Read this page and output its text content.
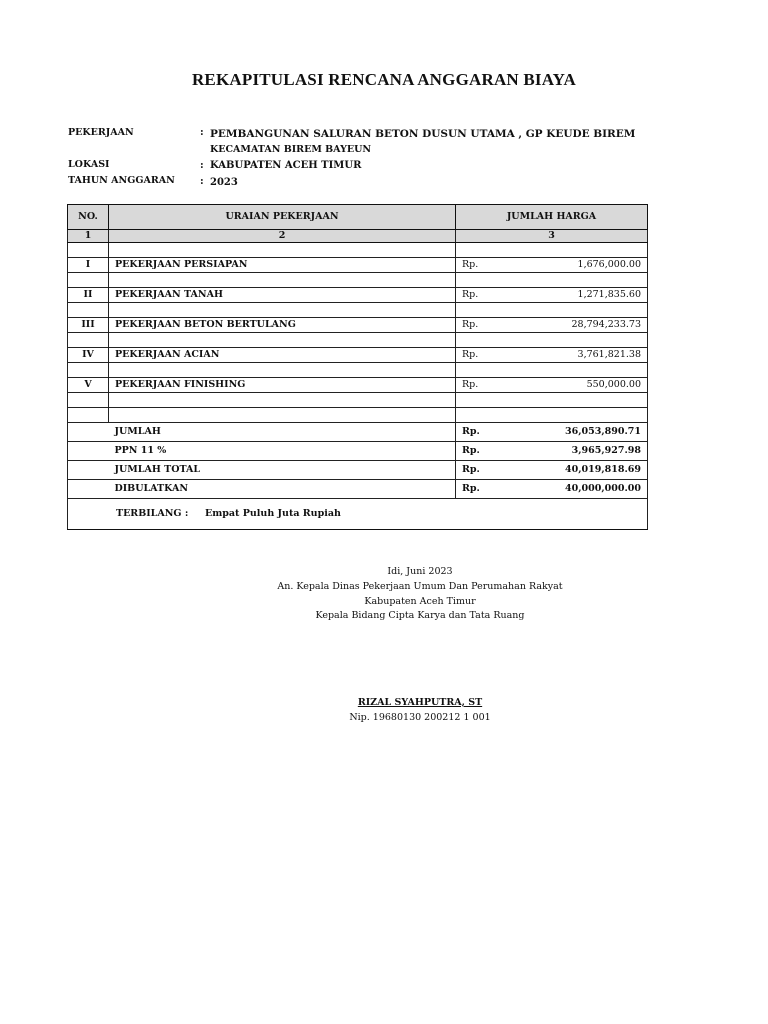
REKAPITULASI RENCANA ANGGARAN BIAYA
PEKERJAAN	: PEMBANGUNAN SALURAN BETON DUSUN UTAMA , GP KEUDE BIREM
KECAMATAN BIREM BAYEUN
LOKASI	: KABUPATEN ACEH TIMUR
TAHUN ANGGARAN	: 2023
NO.	URAIAN PEKERJAAN	JUMLAH HARGA
1	2	3

I	PEKERJAAN PERSIAPAN	Rp. 1,676,000.00

II	PEKERJAAN TANAH	Rp. 1,271,835.60

III	PEKERJAAN BETON BERTULANG	Rp. 28,794,233.73

IV	PEKERJAAN ACIAN	Rp. 3,761,821.38

V	PEKERJAAN FINISHING	Rp. 550,000.00

	JUMLAH	Rp. 36,053,890.71

	PPN 11 %	Rp. 3,965,927.98

	JUMLAH TOTAL	Rp. 40,019,818.69

	DIBULATKAN	Rp. 40,000,000.00

TERBILANG : Empat Puluh Juta Rupiah		
Idi, Juni 2023
An. Kepala Dinas Pekerjaan Umum Dan Perumahan Rakyat
Kabupaten Aceh Timur
Kepala Bidang Cipta Karya dan Tata Ruang
RIZAL SYAHPUTRA, ST
Nip. 19680130 200212 1 001
